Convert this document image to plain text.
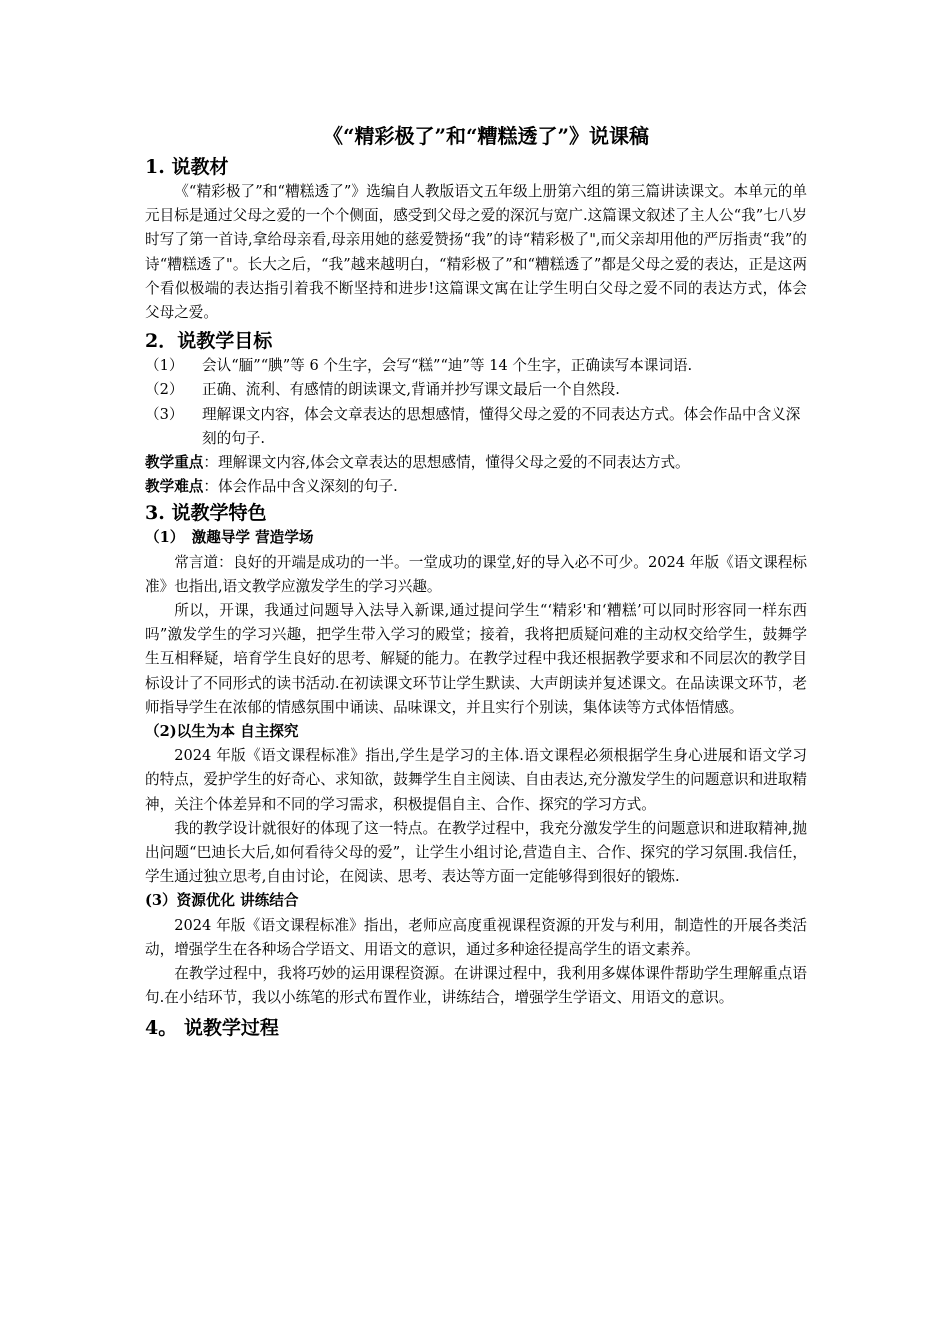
《“精彩极了”和“糟糕透了”》说课稿
1. 说教材

《“精彩极了”和“糟糕透了”》选编自人教版语文五年级上册第六组的第三篇讲读课文。本单元的单元目标是通过父母之爱的一个个侧面，感受到父母之爱的深沉与宽广.这篇课文叙述了主人公“我”七八岁时写了第一首诗,拿给母亲看,母亲用她的慈爱赞扬“我”的诗“精彩极了",而父亲却用他的严厉指责“我”的诗“糟糕透了"。长大之后，“我”越来越明白，“精彩极了”和“糟糕透了”都是父母之爱的表达，正是这两个看似极端的表达指引着我不断坚持和进步!这篇课文寓在让学生明白父母之爱不同的表达方式，体会父母之爱。

2．说教学目标
（1）	会认“腼”“腆”等 6 个生字，会写“糕”“迪”等 14 个生字，正确读写本课词语.
（2）	正确、流利、有感情的朗读课文,背诵并抄写课文最后一个自然段.
（3）	理解课文内容，体会文章表达的思想感情，懂得父母之爱的不同表达方式。体会作品中含义深刻的句子.

教学重点：理解课文内容,体会文章表达的思想感情，懂得父母之爱的不同表达方式。

教学难点：体会作品中含义深刻的句子.

3. 说教学特色

（1）　激趣导学 营造学场

常言道：良好的开端是成功的一半。一堂成功的课堂,好的导入必不可少。2024 年版《语文课程标准》也指出,语文教学应激发学生的学习兴趣。

所以，开课，我通过问题导入法导入新课,通过提问学生“‘精彩'和‘糟糕’可以同时形容同一样东西吗”激发学生的学习兴趣，把学生带入学习的殿堂；接着，我将把质疑问难的主动权交给学生，鼓舞学生互相释疑，培育学生良好的思考、解疑的能力。在教学过程中我还根据教学要求和不同层次的教学目标设计了不同形式的读书活动.在初读课文环节让学生默读、大声朗读并复述课文。在品读课文环节，老师指导学生在浓郁的情感氛围中诵读、品味课文，并且实行个别读，集体读等方式体悟情感。

（2)以生为本 自主探究

2024 年版《语文课程标准》指出,学生是学习的主体.语文课程必须根据学生身心进展和语文学习的特点，爱护学生的好奇心、求知欲，鼓舞学生自主阅读、自由表达,充分激发学生的问题意识和进取精神，关注个体差异和不同的学习需求，积极提倡自主、合作、探究的学习方式。

我的教学设计就很好的体现了这一特点。在教学过程中，我充分激发学生的问题意识和进取精神,抛出问题“巴迪长大后,如何看待父母的爱”，让学生小组讨论,营造自主、合作、探究的学习氛围.我信任，学生通过独立思考,自由讨论，在阅读、思考、表达等方面一定能够得到很好的锻炼.

(3）资源优化 讲练结合

2024 年版《语文课程标准》指出，老师应高度重视课程资源的开发与利用，制造性的开展各类活动，增强学生在各种场合学语文、用语文的意识，通过多种途径提高学生的语文素养。

在教学过程中，我将巧妙的运用课程资源。在讲课过程中，我利用多媒体课件帮助学生理解重点语句.在小结环节，我以小练笔的形式布置作业，讲练结合，增强学生学语文、用语文的意识。

4。 说教学过程
